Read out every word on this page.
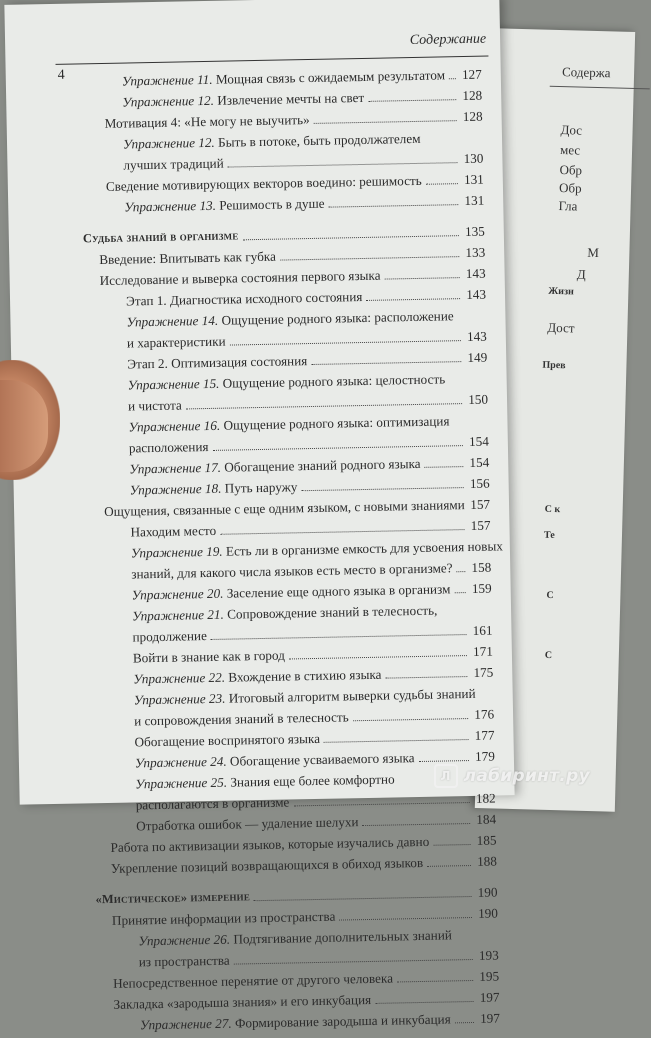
Содержа
Дос
мес
Обр
Обр
Гла
М
Д
Жизн
Дост
Прев
С к
Те
С
С
Содержание
4	Упражнение 11. Мощная связь с ожидаемым результатом 127
Упражнение 12. Извлечение мечты на свет	128
Мотивация 4: «Не могу не выучить»	128
Упражнение 12. Быть в потоке, быть продолжателем
лучших традиций	130
Сведение мотивирующих векторов воедино: решимость	131
Упражнение 13. Решимость в душе	131
Судьба знаний в организме	135
Введение: Впитывать как губка	133
Исследование и выверка состояния первого языка	143
Этап 1. Диагностика исходного состояния	143
Упражнение 14. Ощущение родного языка: расположение
и характеристики	143
Этап 2. Оптимизация состояния	149
Упражнение 15. Ощущение родного языка: целостность
и чистота	150
Упражнение 16. Ощущение родного языка: оптимизация
расположения	154
Упражнение 17. Обогащение знаний родного языка	154
Упражнение 18. Путь наружу	156
Ощущения, связанные с еще одним языком, с новыми знаниями 157
Находим место	157
Упражнение 19. Есть ли в организме емкость для усвоения новых
знаний, для какого числа языков есть место в организме? 158
Упражнение 20. Заселение еще одного языка в организм 159
Упражнение 21. Сопровождение знаний в телесность,
продолжение	161
Войти в знание как в город	171
Упражнение 22. Вхождение в стихию языка	175
Упражнение 23. Итоговый алгоритм выверки судьбы знаний
и сопровождения знаний в телесность	176
Обогащение воспринятого языка	177
Упражнение 24. Обогащение усваиваемого языка	179
Упражнение 25. Знания еще более комфортно
располагаются в организме	182
Отработка ошибок — удаление шелухи	184
Работа по активизации языков, которые изучались давно	185
Укрепление позиций возвращающихся в обиход языков	188
«Мистическое» измерение	190
Принятие информации из пространства	190
Упражнение 26. Подтягивание дополнительных знаний
из пространства	193
Непосредственное перенятие от другого человека	195
Закладка «зародыша знания» и его инкубация	197
Упражнение 27. Формирование зародыша и инкубация 197
Л лабиринт.ру
